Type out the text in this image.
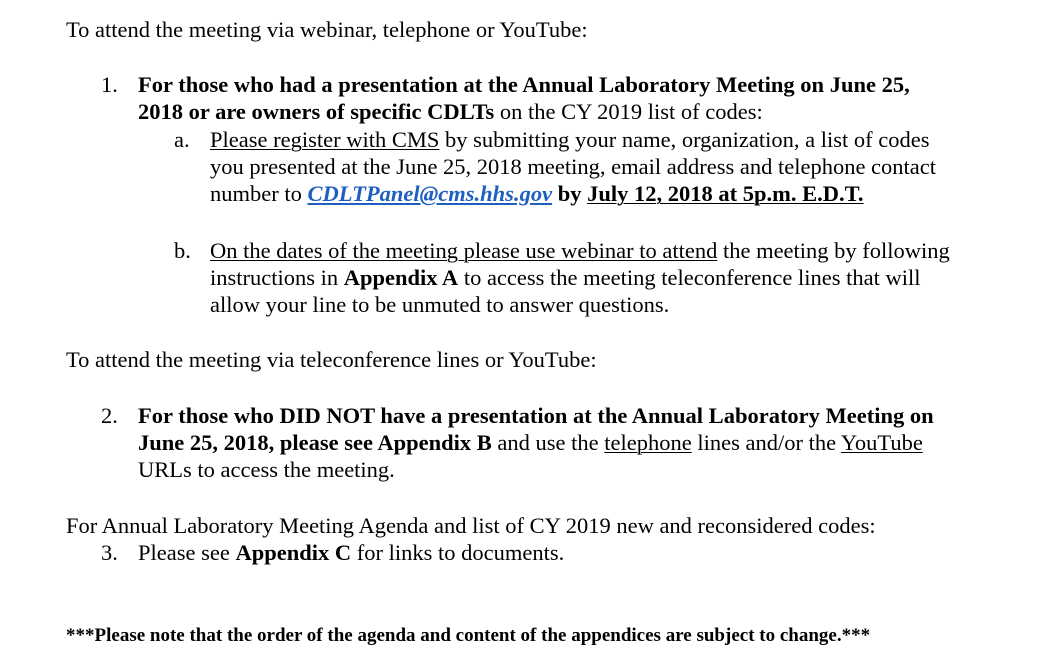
To attend the meeting via webinar, telephone or YouTube:
1. For those who had a presentation at the Annual Laboratory Meeting on June 25,
2018 or are owners of specific CDLTs on the CY 2019 list of codes:
a. Please register with CMS by submitting your name, organization, a list of codes
you presented at the June 25, 2018 meeting, email address and telephone contact
number to CDLTPanel@cms.hhs.gov by July 12, 2018 at 5p.m. E.D.T.
b. On the dates of the meeting please use webinar to attend the meeting by following
instructions in Appendix A to access the meeting teleconference lines that will
allow your line to be unmuted to answer questions.
To attend the meeting via teleconference lines or YouTube:
2. For those who DID NOT have a presentation at the Annual Laboratory Meeting on
June 25, 2018, please see Appendix B and use the telephone lines and/or the YouTube
URLs to access the meeting.
For Annual Laboratory Meeting Agenda and list of CY 2019 new and reconsidered codes:
3. Please see Appendix C for links to documents.
***Please note that the order of the agenda and content of the appendices are subject to change.***
